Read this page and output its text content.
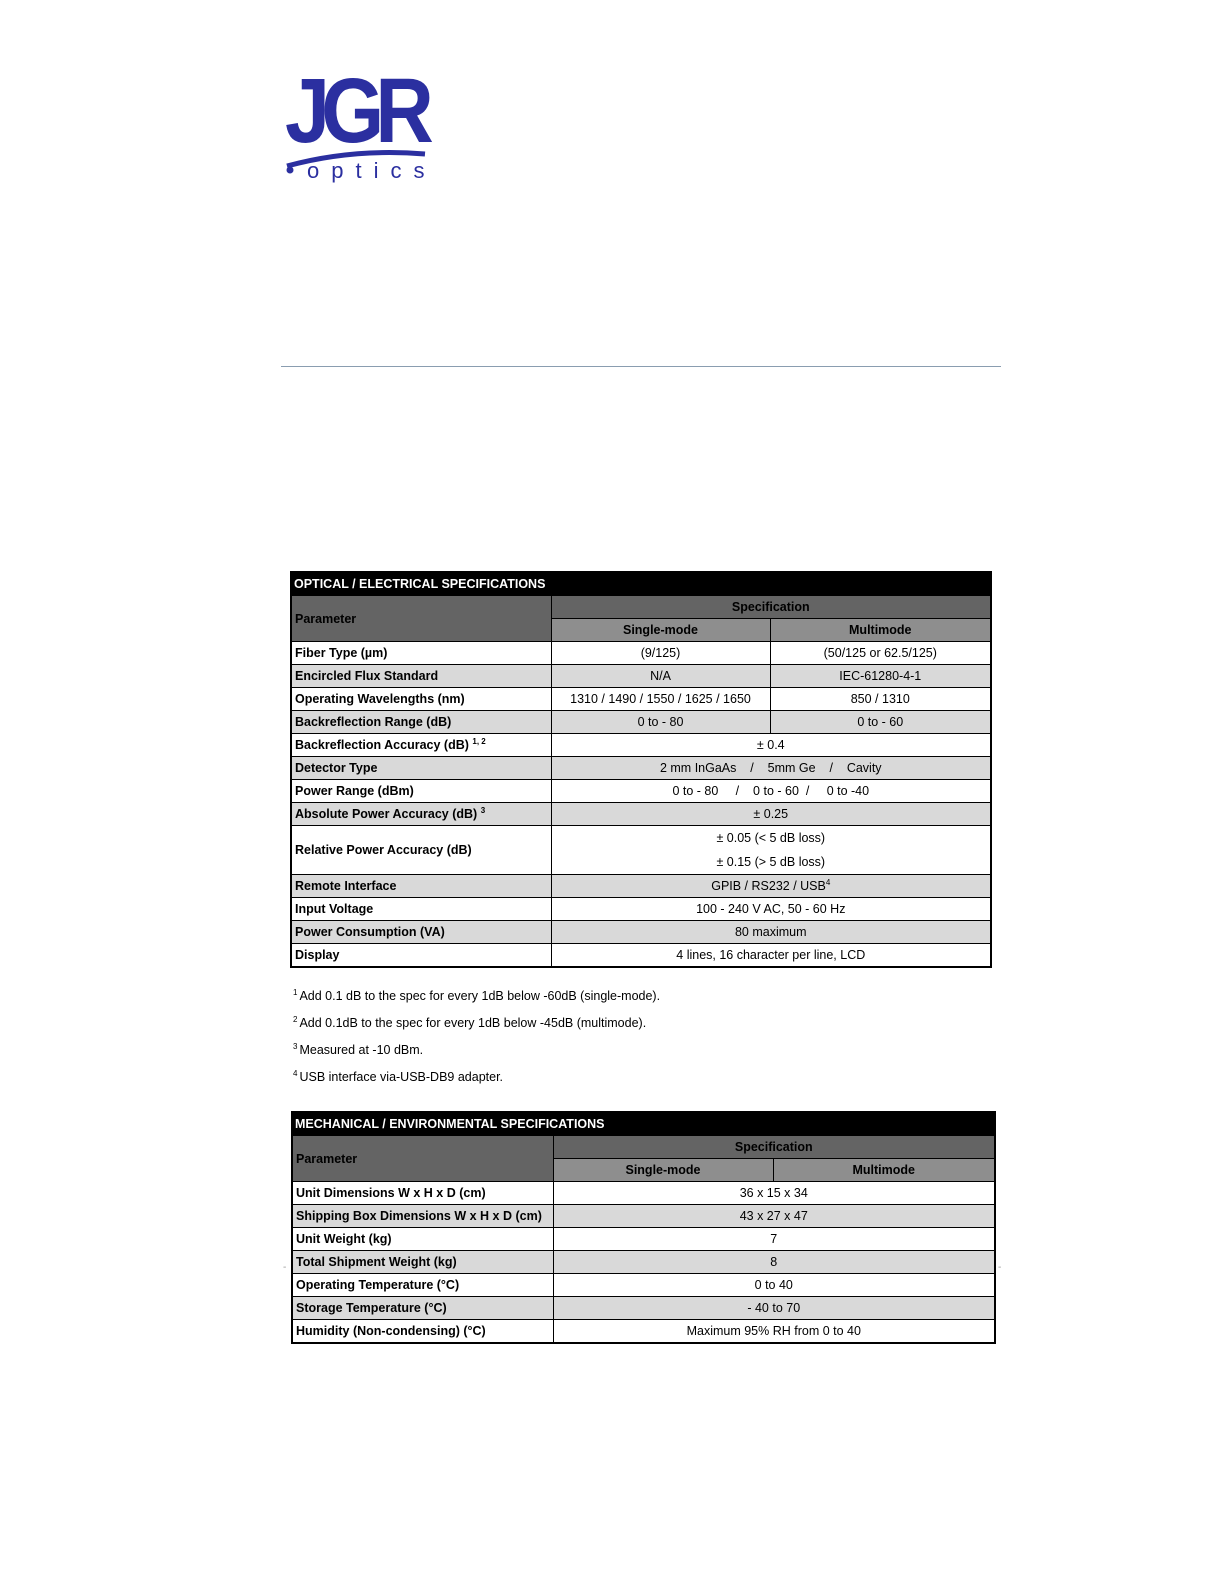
JGR
optics
OPTICAL / ELECTRICAL SPECIFICATIONS		
Parameter	Specification	
	Single-mode	Multimode
Fiber Type (µm)	(9/125)	(50/125 or 62.5/125)
Encircled Flux Standard	N/A	IEC-61280-4-1
Operating Wavelengths (nm)	1310 / 1490 / 1550 / 1625 / 1650	850 / 1310
Backreflection Range (dB)	0 to - 80	0 to - 60
Backreflection Accuracy (dB) $^{1, 2}$	± 0.4	
Detector Type	2 mm InGaAs    /    5mm Ge    /    Cavity	
Power Range (dBm)	0 to - 80     /    0 to - 60  /     0 to -40	
Absolute Power Accuracy (dB) $^3$	± 0.25	
Relative Power Accuracy (dB)	± 0.05 (< 5 dB loss)
± 0.15 (> 5 dB loss)	

Remote Interface	GPIB / RS232 / USB$^4$
Input Voltage	100 - 240 V AC, 50 - 60 Hz	
Power Consumption (VA)	80 maximum	
Display	4 lines, 16 character per line, LCD	
$^1$ Add 0.1 dB to the spec for every 1dB below -60dB (single-mode).
$^2$ Add 0.1dB to the spec for every 1dB below -45dB (multimode).
$^3$ Measured at -10 dBm.
$^4$ USB interface via-USB-DB9 adapter.
MECHANICAL / ENVIRONMENTAL SPECIFICATIONS		
Parameter	Specification	
	Single-mode	Multimode
Unit Dimensions W x H x D (cm)	36 x 15 x 34	
Shipping Box Dimensions W x H x D (cm)	43 x 27 x 47	
Unit Weight (kg)	7	
Total Shipment Weight (kg)	8	
Operating Temperature (°C)	0 to 40	
Storage Temperature (°C)	- 40 to 70	
Humidity (Non-condensing) (°C)	Maximum 95% RH from 0 to 40	
-	-
